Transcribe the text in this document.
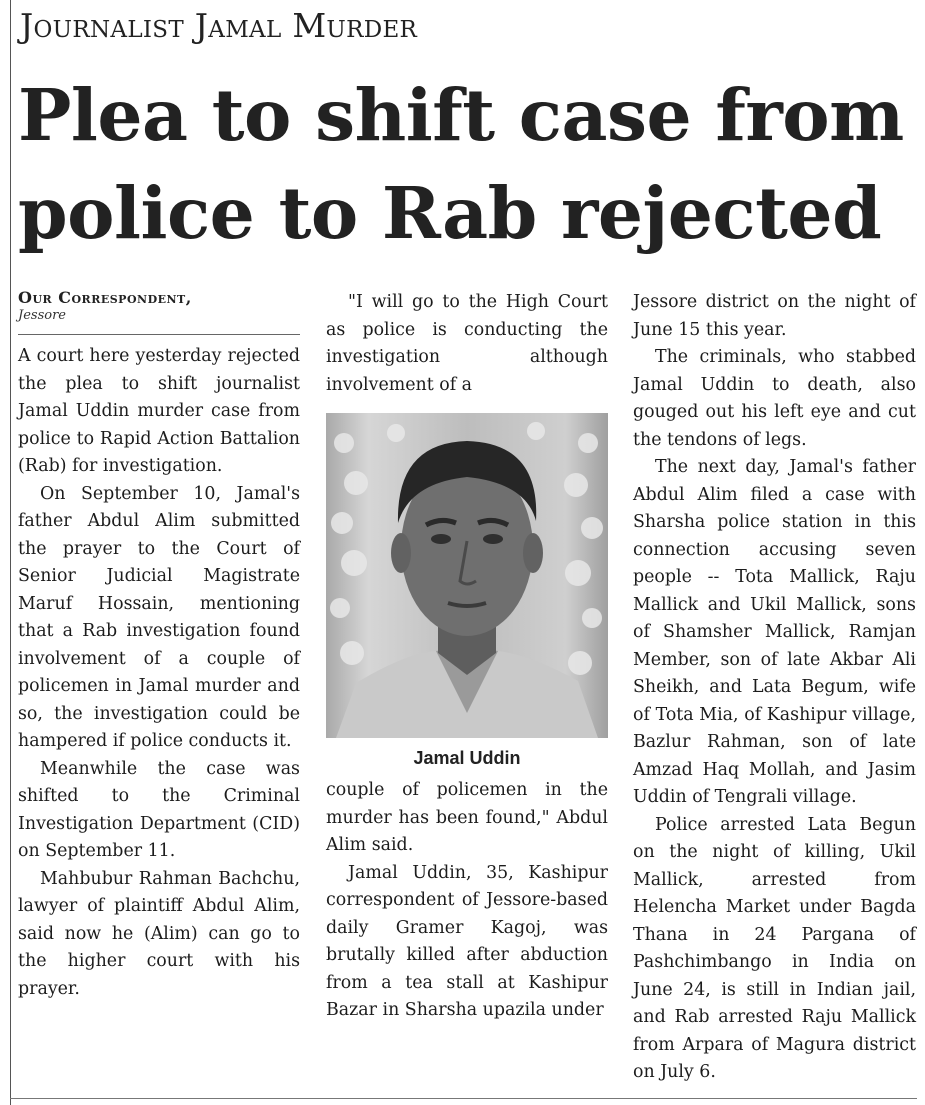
Journalist Jamal Murder
Plea to shift case from police to Rab rejected
Our Correspondent,
Jessore

A court here yesterday rejected the plea to shift journalist Jamal Uddin murder case from police to Rapid Action Battalion (Rab) for investigation.

On September 10, Jamal's father Abdul Alim submitted the prayer to the Court of Senior Judicial Magistrate Maruf Hossain, mentioning that a Rab investigation found involvement of a couple of policemen in Jamal murder and so, the investigation could be hampered if police conducts it.

Meanwhile the case was shifted to the Criminal Investigation Department (CID) on September 11.

Mahbubur Rahman Bachchu, lawyer of plaintiff Abdul Alim, said now he (Alim) can go to the higher court with his prayer.

"I will go to the High Court as police is conducting the investigation although involvement of a

Jamal Uddin

couple of policemen in the murder has been found," Abdul Alim said.

Jamal Uddin, 35, Kashipur correspondent of Jessore-based daily Gramer Kagoj, was brutally killed after abduction from a tea stall at Kashipur Bazar in Sharsha upazila under

Jessore district on the night of June 15 this year.

The criminals, who stabbed Jamal Uddin to death, also gouged out his left eye and cut the tendons of legs.

The next day, Jamal's father Abdul Alim filed a case with Sharsha police station in this connection accusing seven people -- Tota Mallick, Raju Mallick and Ukil Mallick, sons of Shamsher Mallick, Ramjan Member, son of late Akbar Ali Sheikh, and Lata Begum, wife of Tota Mia, of Kashipur village, Bazlur Rahman, son of late Amzad Haq Mollah, and Jasim Uddin of Tengrali village.

Police arrested Lata Begun on the night of killing, Ukil Mallick, arrested from Helencha Market under Bagda Thana in 24 Pargana of Pashchimbango in India on June 24, is still in Indian jail, and Rab arrested Raju Mallick from Arpara of Magura district on July 6.
